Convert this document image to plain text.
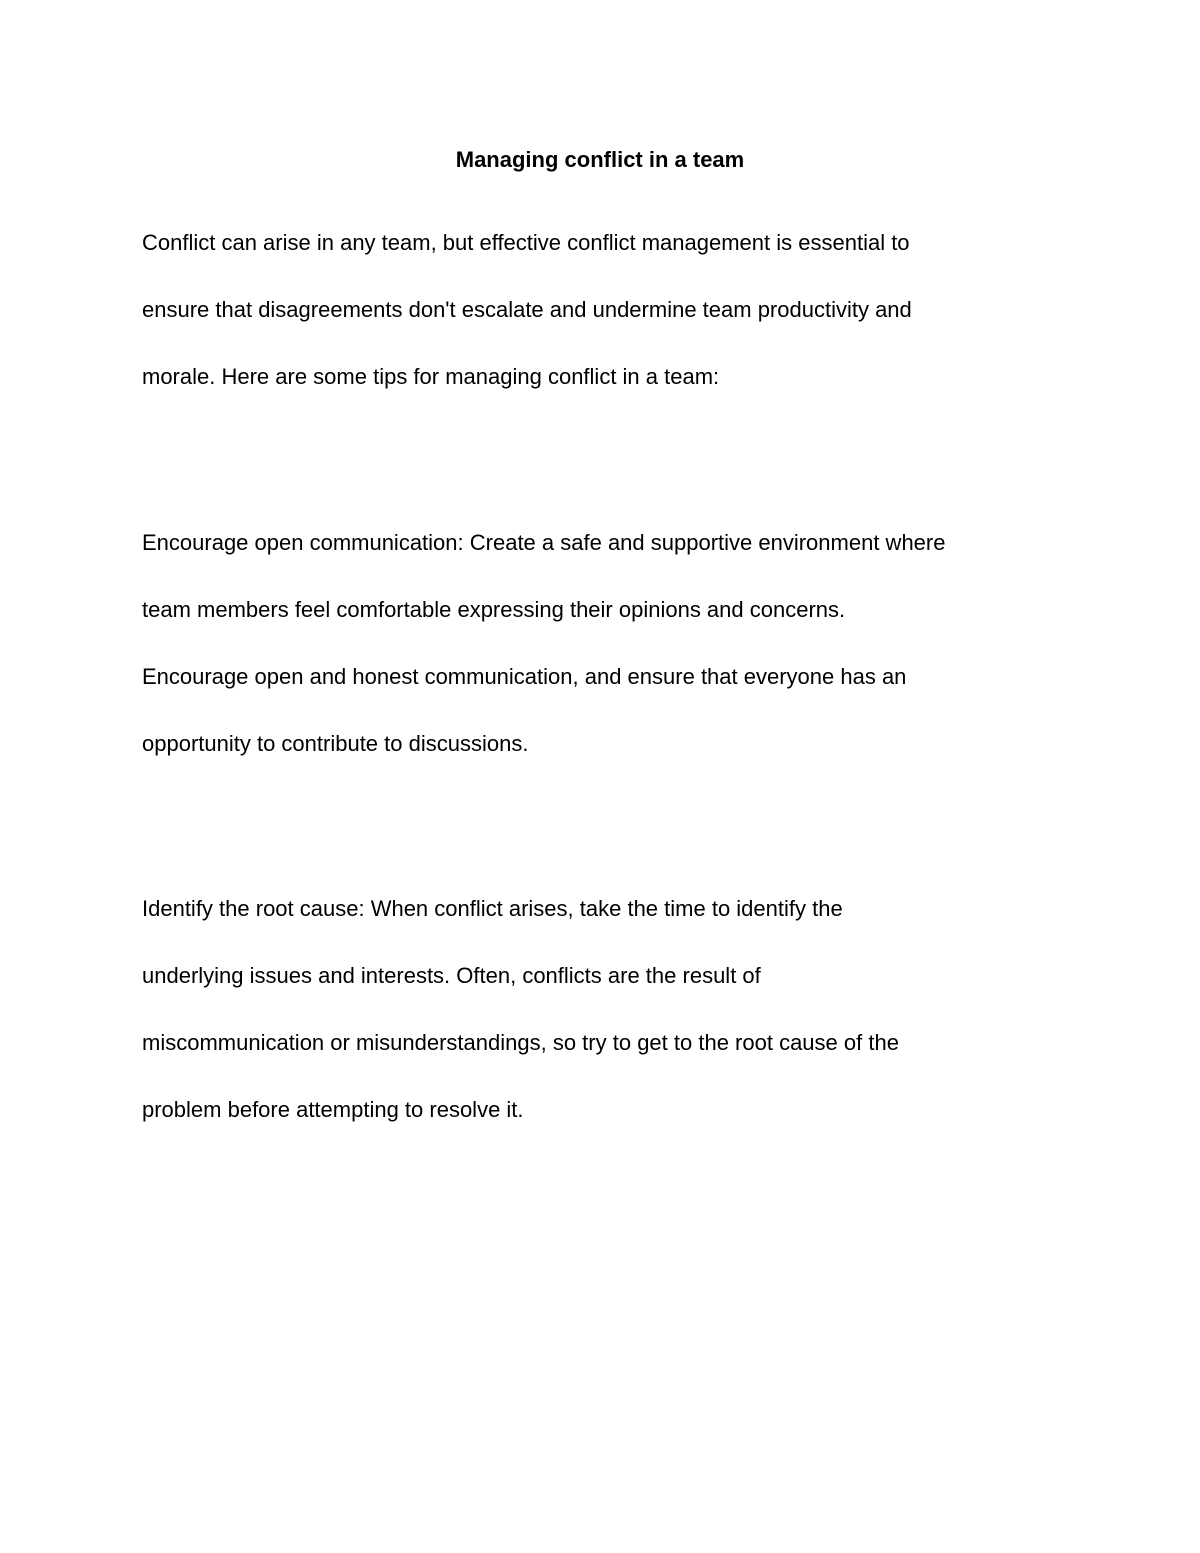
Managing conflict in a team
Conflict can arise in any team, but effective conflict management is essential to
ensure that disagreements don't escalate and undermine team productivity and
morale. Here are some tips for managing conflict in a team:
Encourage open communication: Create a safe and supportive environment where
team members feel comfortable expressing their opinions and concerns.
Encourage open and honest communication, and ensure that everyone has an
opportunity to contribute to discussions.
Identify the root cause: When conflict arises, take the time to identify the
underlying issues and interests. Often, conflicts are the result of
miscommunication or misunderstandings, so try to get to the root cause of the
problem before attempting to resolve it.
